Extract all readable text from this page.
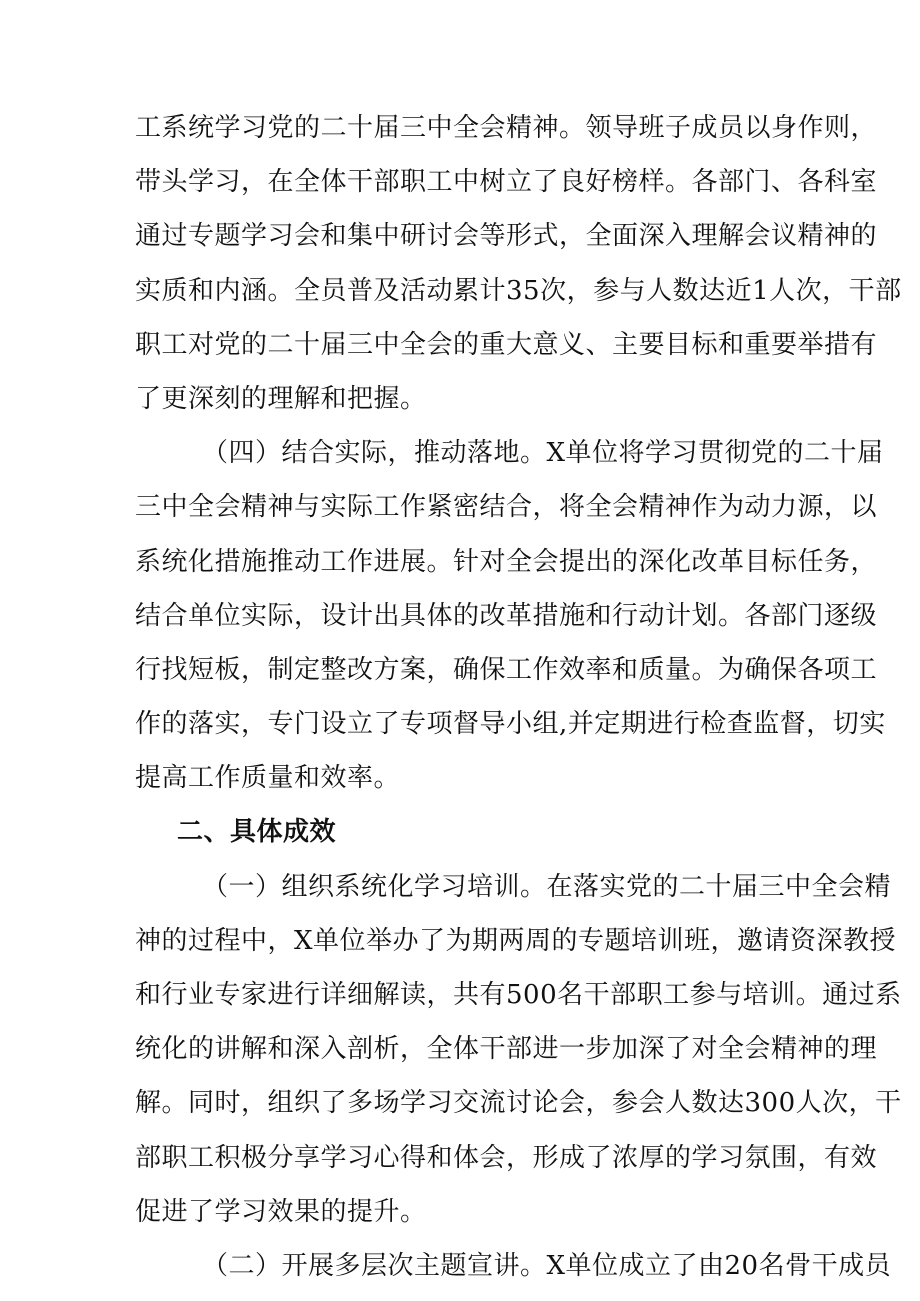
工系统学习党的二十届三中全会精神。领导班子成员以身作则，
带头学习，在全体干部职工中树立了良好榜样。各部门、各科室
通过专题学习会和集中研讨会等形式，全面深入理解会议精神的
实质和内涵。全员普及活动累计35次，参与人数达近1人次，干部
职工对党的二十届三中全会的重大意义、主要目标和重要举措有
了更深刻的理解和把握。
（四）结合实际，推动落地。X单位将学习贯彻党的二十届
三中全会精神与实际工作紧密结合，将全会精神作为动力源，以
系统化措施推动工作进展。针对全会提出的深化改革目标任务，
结合单位实际，设计出具体的改革措施和行动计划。各部门逐级
行找短板，制定整改方案，确保工作效率和质量。为确保各项工
作的落实，专门设立了专项督导小组,并定期进行检查监督，切实
提高工作质量和效率。
二、具体成效
（一）组织系统化学习培训。在落实党的二十届三中全会精
神的过程中，X单位举办了为期两周的专题培训班，邀请资深教授
和行业专家进行详细解读，共有500名干部职工参与培训。通过系
统化的讲解和深入剖析，全体干部进一步加深了对全会精神的理
解。同时，组织了多场学习交流讨论会，参会人数达300人次，干
部职工积极分享学习心得和体会，形成了浓厚的学习氛围，有效
促进了学习效果的提升。
（二）开展多层次主题宣讲。X单位成立了由20名骨干成员
